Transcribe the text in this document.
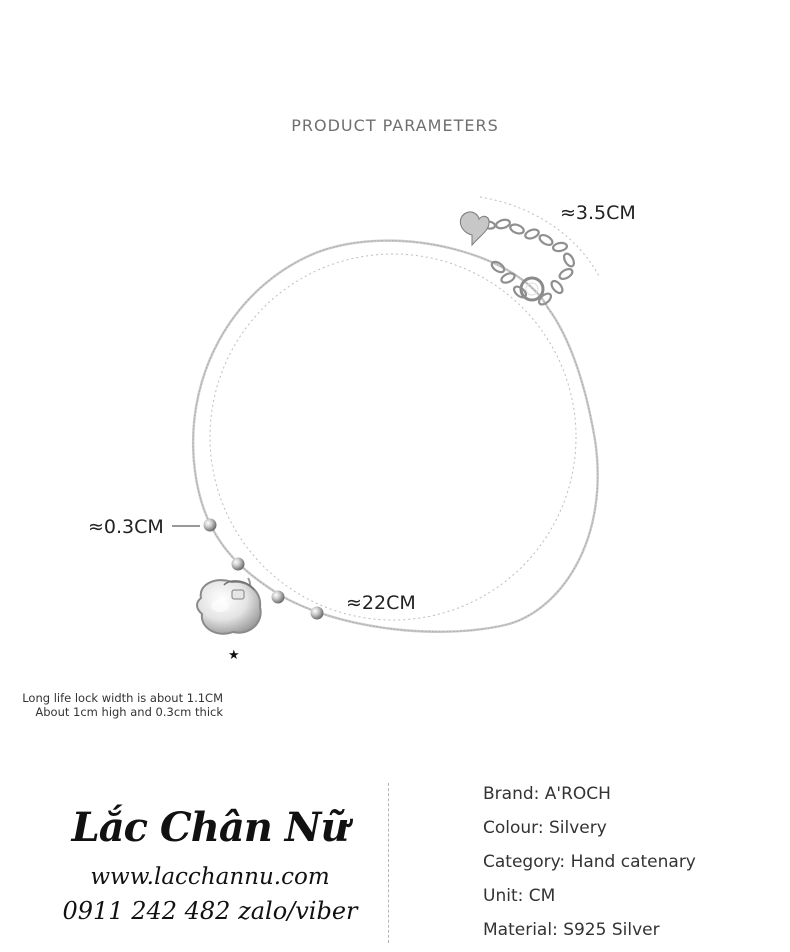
PRODUCT PARAMETERS
★
≈3.5CM
≈0.3CM
≈22CM
Long life lock width is about 1.1CM
About 1cm high and 0.3cm thick
Lắc Chân Nữ
www.lacchannu.com
0911 242 482 zalo/viber
Brand: A'ROCH
Colour: Silvery
Category: Hand catenary
Unit: CM
Material: S925 Silver
